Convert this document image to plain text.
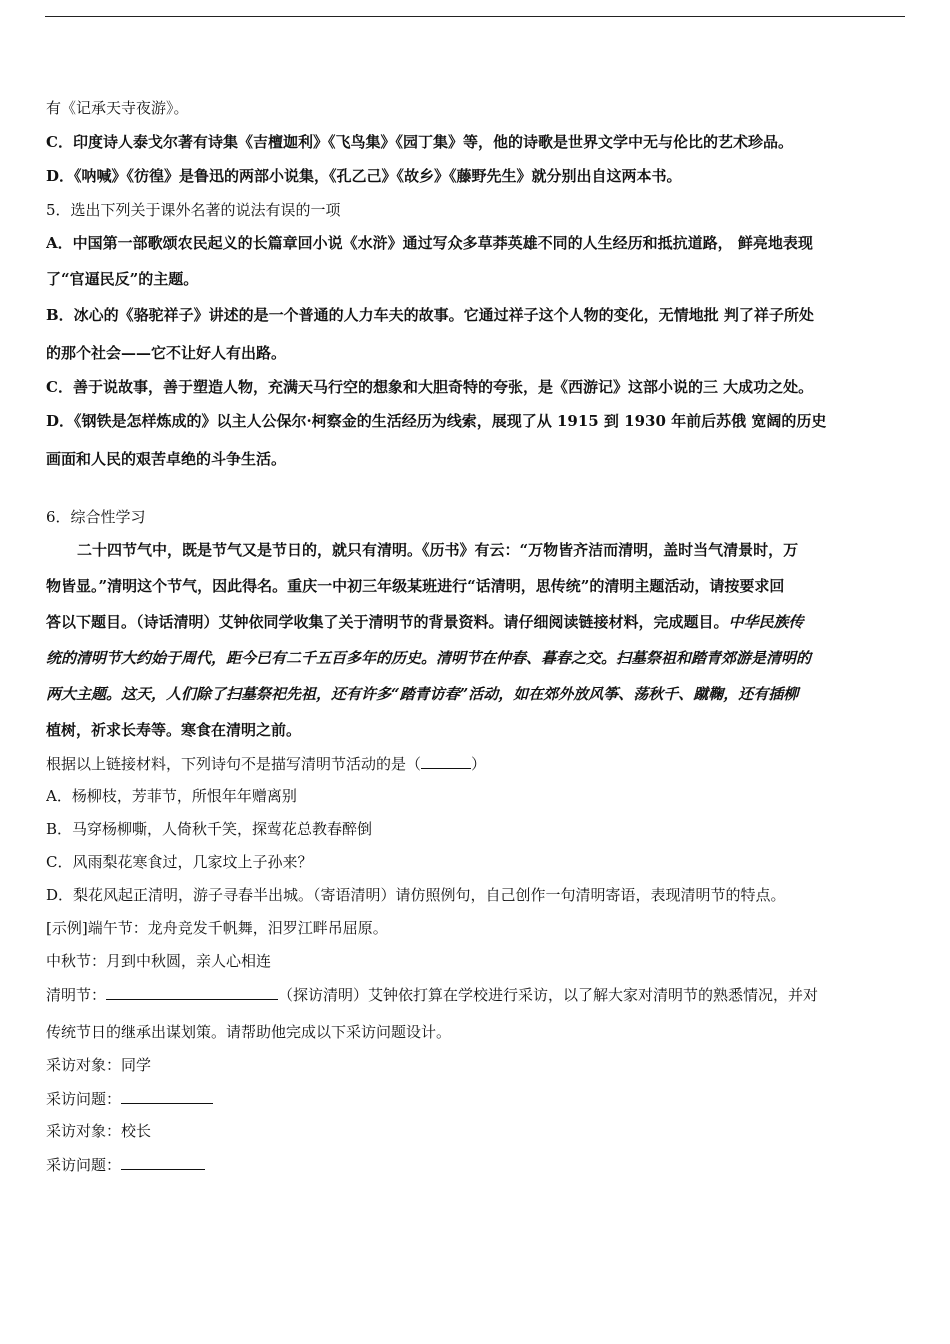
有《记承天寺夜游》。
C．印度诗人泰戈尔著有诗集《吉檀迦利》《飞鸟集》《园丁集》等，他的诗歌是世界文学中无与伦比的艺术珍品。
D．《呐喊》《彷徨》是鲁迅的两部小说集，《孔乙己》《故乡》《藤野先生》就分别出自这两本书。
5．选出下列关于课外名著的说法有误的一项
A．中国第一部歌颂农民起义的长篇章回小说《水浒》通过写众多草莽英雄不同的人生经历和抵抗道路， 鲜亮地表现
了“官逼民反”的主题。
B．冰心的《骆驼祥子》讲述的是一个普通的人力车夫的故事。它通过祥子这个人物的变化，无情地批 判了祥子所处
的那个社会——它不让好人有出路。
C．善于说故事，善于塑造人物，充满天马行空的想象和大胆奇特的夸张，是《西游记》这部小说的三 大成功之处。
D．《钢铁是怎样炼成的》以主人公保尔·柯察金的生活经历为线索，展现了从 1915 到 1930 年前后苏俄 宽阔的历史
画面和人民的艰苦卓绝的斗争生活。
6．综合性学习
二十四节气中，既是节气又是节日的，就只有清明。《历书》有云：“万物皆齐洁而清明，盖时当气清景时，万
物皆显。”清明这个节气，因此得名。重庆一中初三年级某班进行“话清明，思传统”的清明主题活动，请按要求回
答以下题目。（诗话清明）艾钟依同学收集了关于清明节的背景资料。请仔细阅读链接材料，完成题目。中华民族传
统的清明节大约始于周代，距今已有二千五百多年的历史。清明节在仲春、暮春之交。扫墓祭祖和踏青郊游是清明的
两大主题。这天，人们除了扫墓祭祀先祖，还有许多“踏青访春”活动，如在郊外放风筝、荡秋千、蹴鞠，还有插柳
植树，祈求长寿等。寒食在清明之前。
根据以上链接材料，下列诗句不是描写清明节活动的是（	）
A．杨柳枝，芳菲节，所恨年年赠离别
B．马穿杨柳嘶，人倚秋千笑，探莺花总教春醉倒
C．风雨梨花寒食过，几家坟上子孙来？
D．梨花风起正清明，游子寻春半出城。（寄语清明）请仿照例句，自己创作一句清明寄语，表现清明节的特点。
[示例]端午节：龙舟竞发千帆舞，汨罗江畔吊屈原。
中秋节：月到中秋圆，亲人心相连
清明节：	（探访清明）艾钟依打算在学校进行采访，以了解大家对清明节的熟悉情况，并对
传统节日的继承出谋划策。请帮助他完成以下采访问题设计。
采访对象：同学
采访问题：
采访对象：校长
采访问题：
